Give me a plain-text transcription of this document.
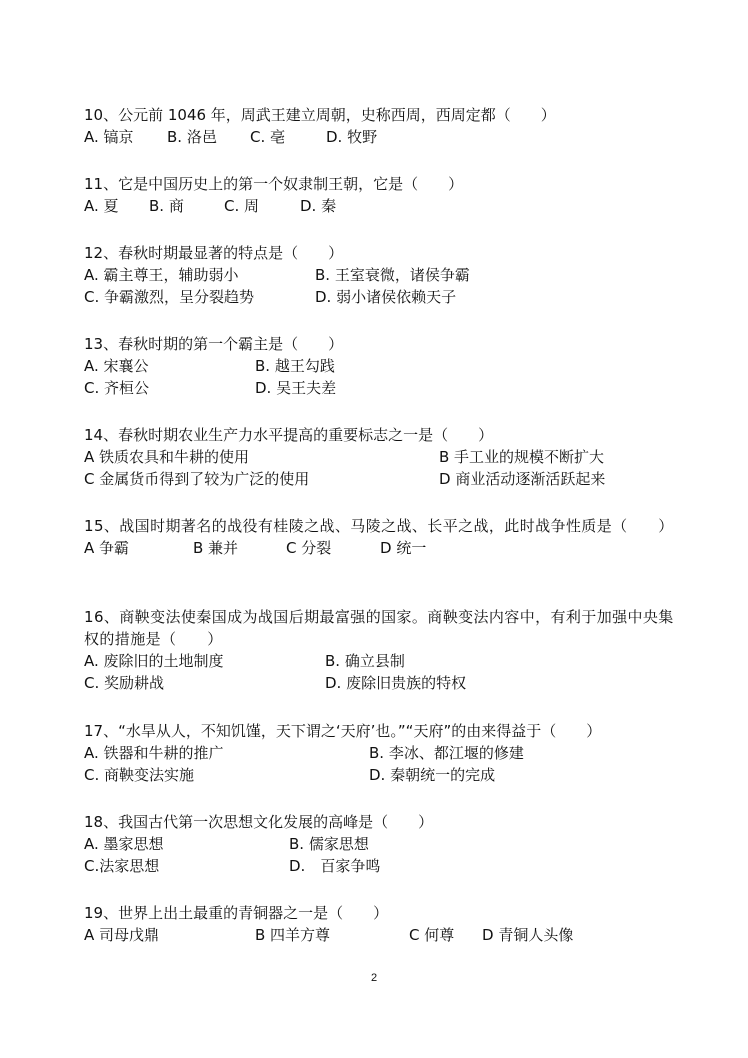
10、公元前 1046 年，周武王建立周朝，史称西周，西周定都（　　）
A. 镐京 B. 洛邑 C. 亳	D. 牧野
11、它是中国历史上的第一个奴隶制王朝，它是（　　）
A. 夏 B. 商	C. 周	D. 秦
12、春秋时期最显著的特点是（　　）
A. 霸主尊王，辅助弱小	B. 王室衰微，诸侯争霸
C. 争霸激烈，呈分裂趋势	D. 弱小诸侯依赖天子
13、春秋时期的第一个霸主是（　　）
A. 宋襄公	B. 越王勾践
C. 齐桓公	D. 吴王夫差
14、春秋时期农业生产力水平提高的重要标志之一是（　　）
A 铁质农具和牛耕的使用	B 手工业的规模不断扩大
C 金属货币得到了较为广泛的使用	D 商业活动逐渐活跃起来
15、战国时期著名的战役有桂陵之战、马陵之战、长平之战，此时战争性质是（　　）
A 争霸	B 兼并	C 分裂	D 统一
16、商鞅变法使秦国成为战国后期最富强的国家。商鞅变法内容中，有利于加强中央集权的措施是（　　）
A. 废除旧的土地制度	B. 确立县制
C. 奖励耕战	D. 废除旧贵族的特权
17、“水旱从人，不知饥馑，天下谓之‘天府’也。”“天府”的由来得益于（　　）
A. 铁器和牛耕的推广	B. 李冰、都江堰的修建
C. 商鞅变法实施	D. 秦朝统一的完成
18、我国古代第一次思想文化发展的高峰是（　　）
A. 墨家思想	B. 儒家思想
C.法家思想	D.　百家争鸣
19、世界上出土最重的青铜器之一是（　　）
A 司母戊鼎	B 四羊方尊	C 何尊 D 青铜人头像
2
